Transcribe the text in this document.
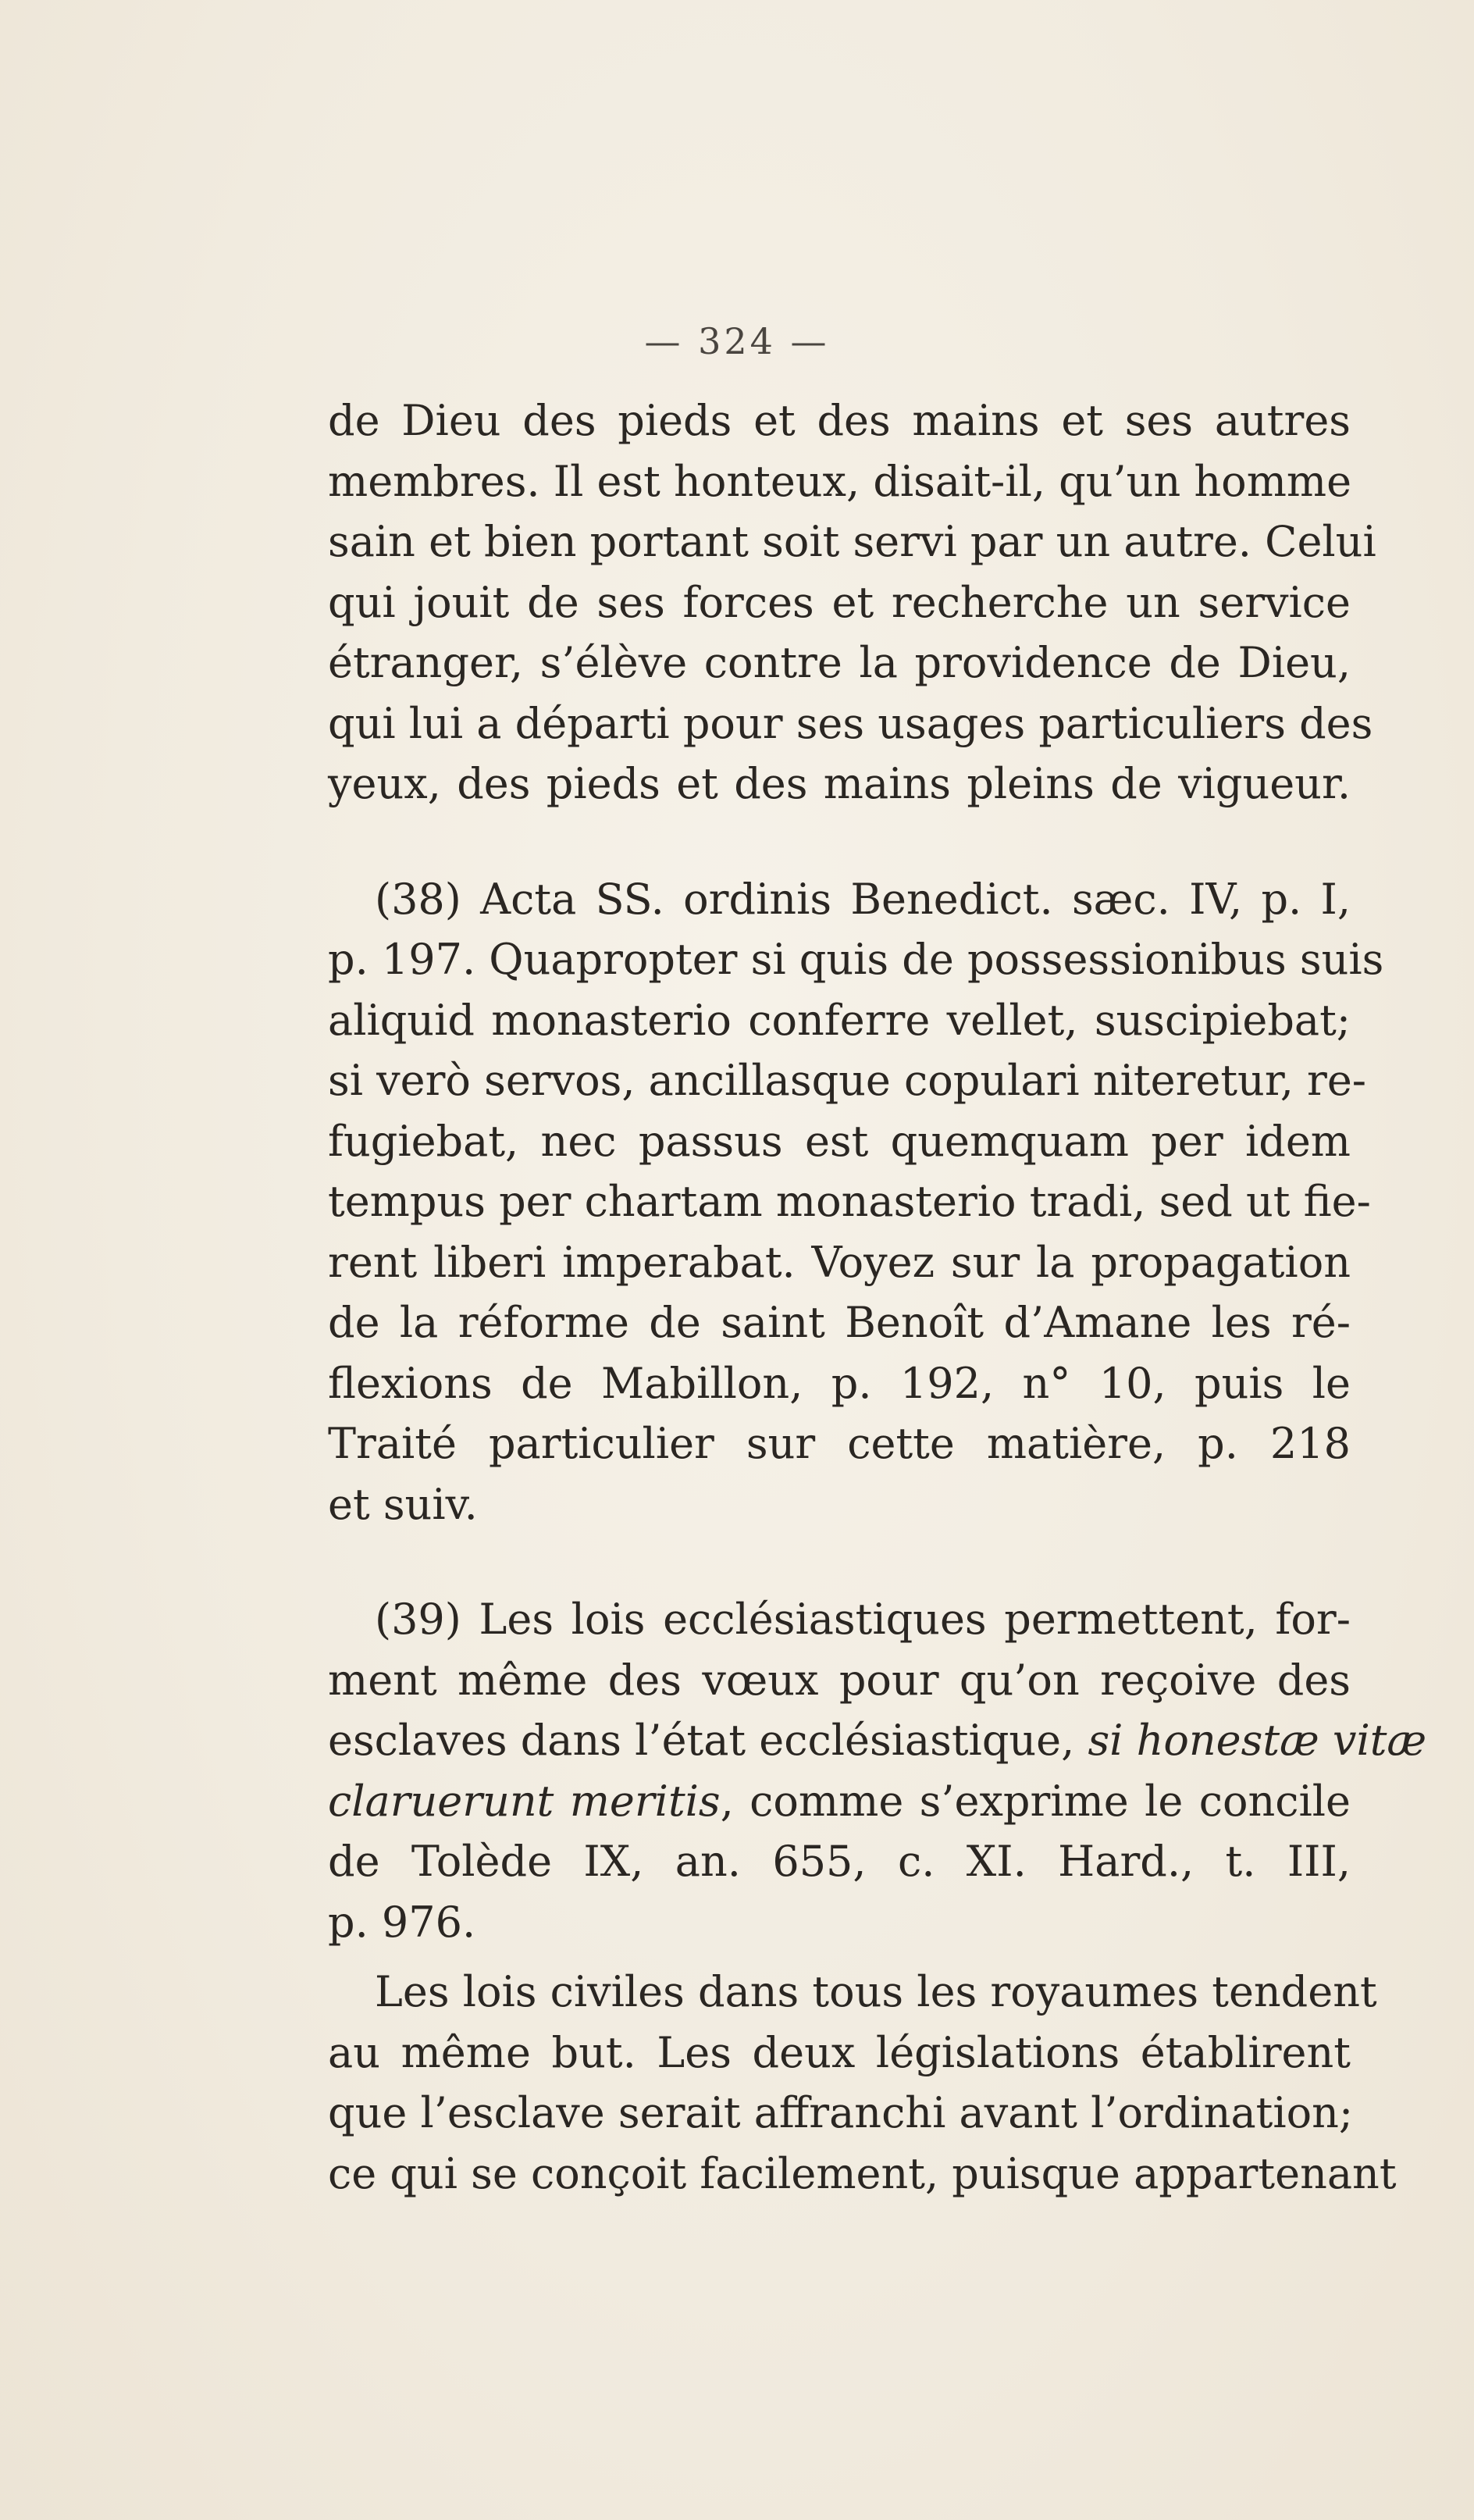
— 324 —
de Dieu des pieds et des mains et ses autres
membres. Il est honteux, disait-il, qu’un homme
sain et bien portant soit servi par un autre. Celui
qui jouit de ses forces et recherche un service
étranger, s’élève contre la providence de Dieu,
qui lui a départi pour ses usages particuliers des
yeux, des pieds et des mains pleins de vigueur.
(38) Acta SS. ordinis Benedict. sæc. IV, p. I,
p. 197. Quapropter si quis de possessionibus suis
aliquid monasterio conferre vellet, suscipiebat;
si verò servos, ancillasque copulari niteretur, re-
fugiebat, nec passus est quemquam per idem
tempus per chartam monasterio tradi, sed ut fie-
rent liberi imperabat. Voyez sur la propagation
de la réforme de saint Benoît d’Amane les ré-
flexions de Mabillon, p. 192, n° 10, puis le
Traité particulier sur cette matière, p. 218
et suiv.
(39) Les lois ecclésiastiques permettent, for-
ment même des vœux pour qu’on reçoive des
esclaves dans l’état ecclésiastique, si honestæ vitæ
claruerunt meritis, comme s’exprime le concile
de Tolède IX, an. 655, c. XI. Hard., t. III,
p. 976.
Les lois civiles dans tous les royaumes tendent
au même but. Les deux législations établirent
que l’esclave serait affranchi avant l’ordination;
ce qui se conçoit facilement, puisque appartenant
